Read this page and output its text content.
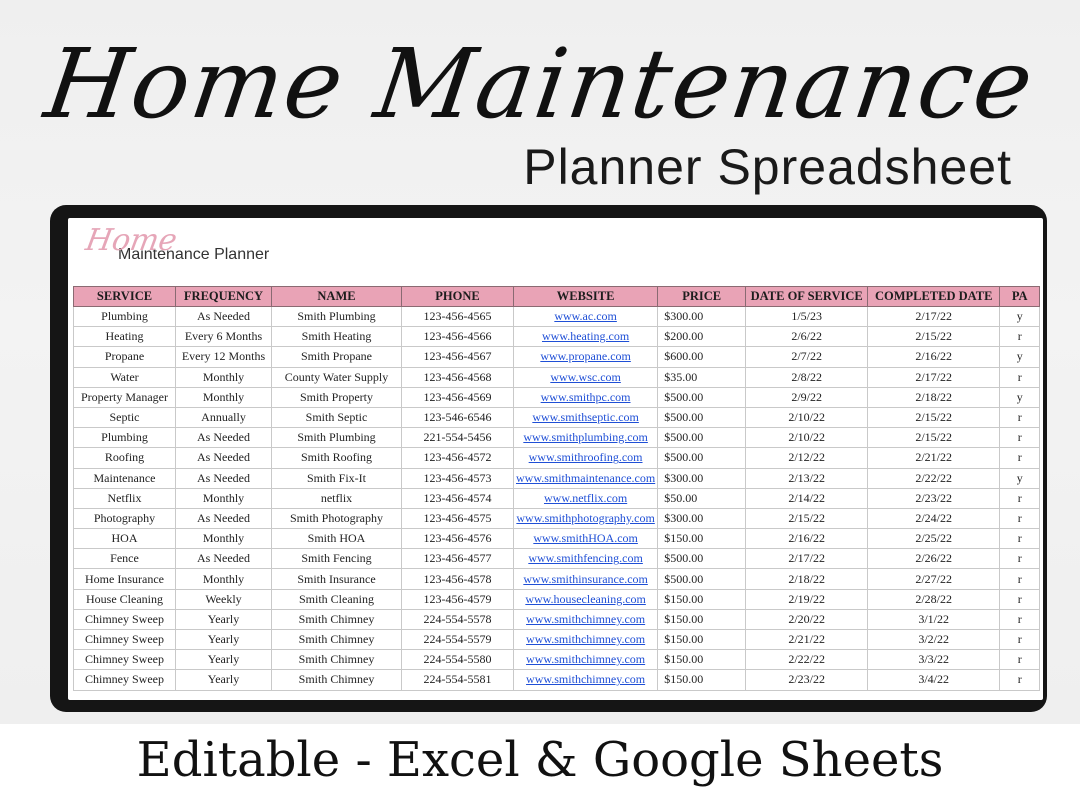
Home Maintenance
Planner Spreadsheet
Home
Maintenance Planner
SERVICE	FREQUENCY	NAME	PHONE	WEBSITE	PRICE	DATE OF SERVICE	COMPLETED DATE	PA
Plumbing	As Needed	Smith Plumbing	123-456-4565	www.ac.com	$300.00	1/5/23	2/17/22	y
Heating	Every 6 Months	Smith Heating	123-456-4566	www.heating.com	$200.00	2/6/22	2/15/22	r
Propane	Every 12 Months	Smith Propane	123-456-4567	www.propane.com	$600.00	2/7/22	2/16/22	y
Water	Monthly	County Water Supply	123-456-4568	www.wsc.com	$35.00	2/8/22	2/17/22	r
Property Manager	Monthly	Smith Property	123-456-4569	www.smithpc.com	$500.00	2/9/22	2/18/22	y
Septic	Annually	Smith Septic	123-546-6546	www.smithseptic.com	$500.00	2/10/22	2/15/22	r
Plumbing	As Needed	Smith Plumbing	221-554-5456	www.smithplumbing.com	$500.00	2/10/22	2/15/22	r
Roofing	As Needed	Smith Roofing	123-456-4572	www.smithroofing.com	$500.00	2/12/22	2/21/22	r
Maintenance	As Needed	Smith Fix-It	123-456-4573	www.smithmaintenance.com	$300.00	2/13/22	2/22/22	y
Netflix	Monthly	netflix	123-456-4574	www.netflix.com	$50.00	2/14/22	2/23/22	r
Photography	As Needed	Smith Photography	123-456-4575	www.smithphotography.com	$300.00	2/15/22	2/24/22	r
HOA	Monthly	Smith HOA	123-456-4576	www.smithHOA.com	$150.00	2/16/22	2/25/22	r
Fence	As Needed	Smith Fencing	123-456-4577	www.smithfencing.com	$500.00	2/17/22	2/26/22	r
Home Insurance	Monthly	Smith Insurance	123-456-4578	www.smithinsurance.com	$500.00	2/18/22	2/27/22	r
House Cleaning	Weekly	Smith Cleaning	123-456-4579	www.housecleaning.com	$150.00	2/19/22	2/28/22	r
Chimney Sweep	Yearly	Smith Chimney	224-554-5578	www.smithchimney.com	$150.00	2/20/22	3/1/22	r
Chimney Sweep	Yearly	Smith Chimney	224-554-5579	www.smithchimney.com	$150.00	2/21/22	3/2/22	r
Chimney Sweep	Yearly	Smith Chimney	224-554-5580	www.smithchimney.com	$150.00	2/22/22	3/3/22	r
Chimney Sweep	Yearly	Smith Chimney	224-554-5581	www.smithchimney.com	$150.00	2/23/22	3/4/22	r
Editable - Excel & Google Sheets
